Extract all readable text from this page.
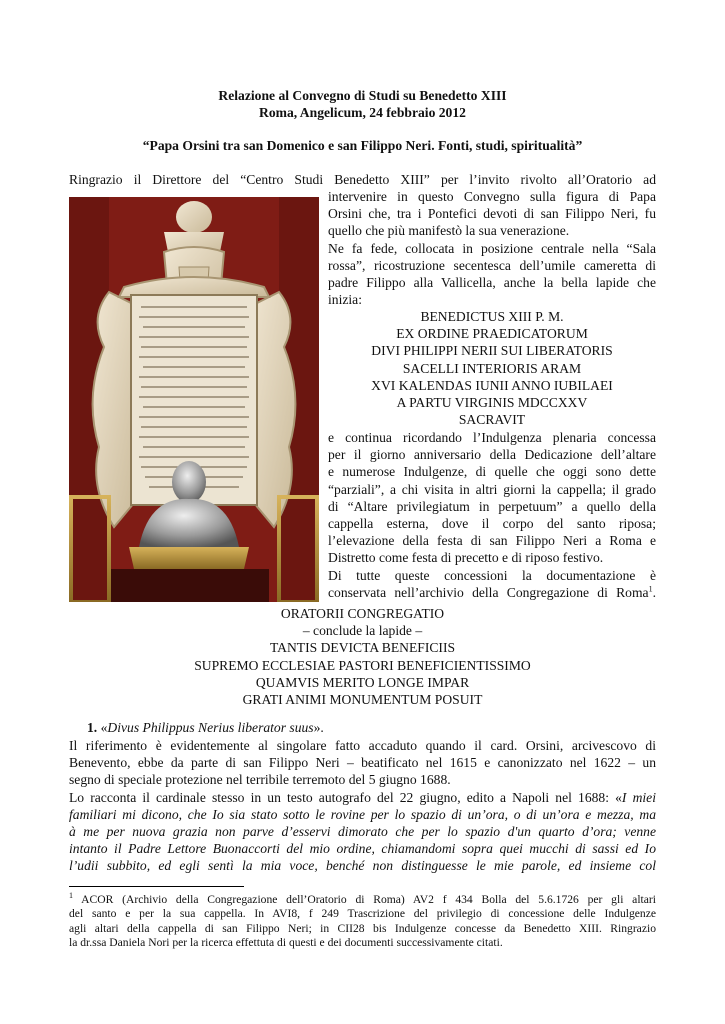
Relazione al Convegno di Studi su Benedetto XIII
Roma, Angelicum, 24 febbraio 2012
“Papa Orsini tra san Domenico e san Filippo Neri. Fonti, studi, spiritualità”
Ringrazio il Direttore del “Centro Studi Benedetto XIII” per l’invito rivolto all’Oratorio ad
intervenire in questo Convegno sulla figura di Papa
Orsini che, tra i Pontefici devoti di san Filippo Neri, fu
quello che più manifestò la sua venerazione.
Ne fa fede, collocata in posizione centrale nella “Sala
rossa”, ricostruzione secentesca dell’umile cameretta di
padre Filippo alla Vallicella, anche la bella lapide che
inizia:
BENEDICTUS XIII P. M.
EX ORDINE PRAEDICATORUM
DIVI PHILIPPI NERII SUI LIBERATORIS
SACELLI INTERIORIS ARAM
XVI KALENDAS IUNII ANNO IUBILAEI
A PARTU VIRGINIS MDCCXXV
SACRAVIT
e continua ricordando l’Indulgenza plenaria concessa
per il giorno anniversario della Dedicazione dell’altare
e numerose Indulgenze, di quelle che oggi sono dette
“parziali”, a chi visita in altri giorni la cappella; il grado
di “Altare privilegiatum in perpetuum” a quello della
cappella esterna, dove il corpo del santo riposa;
l’elevazione della festa di san Filippo Neri a Roma e
Distretto come festa di precetto e di riposo festivo.
Di tutte queste concessioni la documentazione è
conservata nell’archivio della Congregazione di Roma$^1$.
ORATORII CONGREGATIO
– conclude la lapide –
TANTIS DEVICTA BENEFICIIS
SUPREMO ECCLESIAE PASTORI BENEFICIENTISSIMO
QUAMVIS MERITO LONGE IMPAR
GRATI ANIMI MONUMENTUM POSUIT
1. «Divus Philippus Nerius liberator suus».
Il riferimento è evidentemente al singolare fatto accaduto quando il card. Orsini, arcivescovo di
Benevento, ebbe da parte di san Filippo Neri – beatificato nel 1615 e canonizzato nel 1622 – un
segno di speciale protezione nel terribile terremoto del 5 giugno 1688.
Lo racconta il cardinale stesso in un testo autografo del 22 giugno, edito a Napoli nel 1688: «I miei
familiari mi dicono, che Io sia stato sotto le rovine per lo spazio di un’ora, o di un’ora e mezza, ma
à me per nuova grazia non parve d’esservi dimorato che per lo spazio d'un quarto d’ora; venne
intanto il Padre Lettore Buonaccorti del mio ordine, chiamandomi sopra quei mucchi di sassi ed Io
l’udii subbito, ed egli sentì la mia voce, benché non distinguesse le mie parole, ed insieme col
$^1$ ACOR (Archivio della Congregazione dell’Oratorio di Roma) AV2 f 434 Bolla del 5.6.1726 per gli altari
del santo e per la sua cappella. In AVI8, f 249 Trascrizione del privilegio di concessione delle Indulgenze
agli altari della cappella di san Filippo Neri; in CII28 bis Indulgenze concesse da Benedetto XIII. Ringrazio
la dr.ssa Daniela Nori per la ricerca effettuta di questi e dei documenti successivamente citati.
